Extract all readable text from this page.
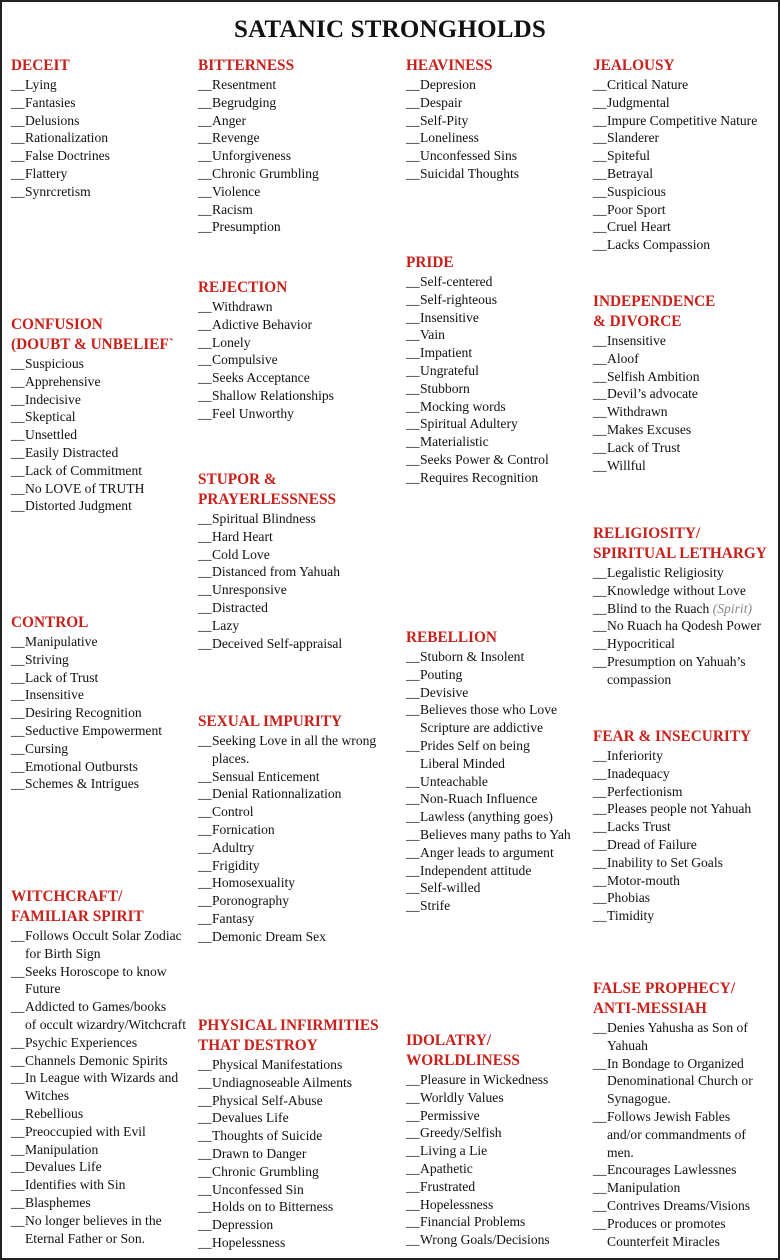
SATANIC STRONGHOLDS
DECEIT
__ Lying
__ Fantasies
__ Delusions
__ Rationalization
__ False Doctrines
__ Flattery
__ Synrcretism
CONFUSION
(DOUBT & UNBELIEF`
__ Suspicious
__ Apprehensive
__ Indecisive
__ Skeptical
__ Unsettled
__ Easily Distracted
__ Lack of Commitment
__ No LOVE of TRUTH
__ Distorted Judgment
CONTROL
__ Manipulative
__ Striving
__ Lack of Trust
__ Insensitive
__ Desiring Recognition
__ Seductive Empowerment
__ Cursing
__ Emotional Outbursts
__ Schemes & Intrigues
WITCHCRAFT/
FAMILIAR SPIRIT
__ Follows Occult Solar Zodiac
for Birth Sign
__ Seeks Horoscope to know
Future
__ Addicted to Games/books
of occult wizardry/Witchcraft
__ Psychic Experiences
__ Channels Demonic Spirits
__ In League with Wizards and
Witches
__ Rebellious
__ Preoccupied with Evil
__ Manipulation
__ Devalues Life
__ Identifies with Sin
__ Blasphemes
__ No longer believes in the
Eternal Father or Son.
BITTERNESS
__ Resentment
__ Begrudging
__ Anger
__ Revenge
__ Unforgiveness
__ Chronic Grumbling
__ Violence
__ Racism
__ Presumption
REJECTION
__ Withdrawn
__ Adictive Behavior
__ Lonely
__ Compulsive
__ Seeks Acceptance
__ Shallow Relationships
__ Feel Unworthy
STUPOR &
PRAYERLESSNESS
__ Spiritual Blindness
__ Hard Heart
__ Cold Love
__ Distanced from Yahuah
__ Unresponsive
__ Distracted
__ Lazy
__ Deceived Self-appraisal
SEXUAL IMPURITY
__ Seeking Love in all the wrong
places.
__ Sensual Enticement
__ Denial Rationnalization
__ Control
__ Fornication
__ Adultry
__ Frigidity
__ Homosexuality
__ Poronography
__ Fantasy
__ Demonic Dream Sex
PHYSICAL INFIRMITIES
THAT DESTROY
__ Physical Manifestations
__ Undiagnoseable Ailments
__ Physical Self-Abuse
__ Devalues Life
__ Thoughts of Suicide
__ Drawn to Danger
__ Chronic Grumbling
__ Unconfessed Sin
__ Holds on to Bitterness
__ Depression
__ Hopelessness
HEAVINESS
__ Depresion
__ Despair
__ Self-Pity
__ Loneliness
__ Unconfessed Sins
__ Suicidal Thoughts
PRIDE
__ Self-centered
__ Self-righteous
__ Insensitive
__ Vain
__ Impatient
__ Ungrateful
__ Stubborn
__ Mocking words
__ Spiritual Adultery
__ Materialistic
__ Seeks Power & Control
__ Requires Recognition
REBELLION
__ Stuborn & Insolent
__ Pouting
__ Devisive
__ Believes those who Love
Scripture are addictive
__ Prides Self on being
Liberal Minded
__ Unteachable
__ Non-Ruach Influence
__ Lawless (anything goes)
__ Believes many paths to Yah
__ Anger leads to argument
__ Independent attitude
__ Self-willed
__ Strife
IDOLATRY/
WORLDLINESS
__ Pleasure in Wickedness
__ Worldly Values
__ Permissive
__ Greedy/Selfish
__ Living a Lie
__ Apathetic
__ Frustrated
__ Hopelessness
__ Financial Problems
__ Wrong Goals/Decisions
JEALOUSY
__ Critical Nature
__ Judgmental
__ Impure Competitive Nature
__ Slanderer
__ Spiteful
__ Betrayal
__ Suspicious
__ Poor Sport
__ Cruel Heart
__ Lacks Compassion
INDEPENDENCE
& DIVORCE
__ Insensitive
__ Aloof
__ Selfish Ambition
__ Devil’s advocate
__ Withdrawn
__ Makes Excuses
__ Lack of Trust
__ Willful
RELIGIOSITY/
SPIRITUAL LETHARGY
__ Legalistic Religiosity
__ Knowledge without Love
__ Blind to the Ruach (Spirit)
__ No Ruach ha Qodesh Power
__ Hypocritical
__ Presumption on Yahuah’s
compassion
FEAR & INSECURITY
__ Inferiority
__ Inadequacy
__ Perfectionism
__ Pleases people not Yahuah
__ Lacks Trust
__ Dread of Failure
__ Inability to Set Goals
__ Motor-mouth
__ Phobias
__ Timidity
FALSE PROPHECY/
ANTI-MESSIAH
__ Denies Yahusha as Son of
Yahuah
__ In Bondage to Organized
Denominational Church or
Synagogue.
__ Follows Jewish Fables
and/or commandments of
men.
__ Encourages Lawlessnes
__ Manipulation
__ Contrives Dreams/Visions
__ Produces or promotes
Counterfeit Miracles
